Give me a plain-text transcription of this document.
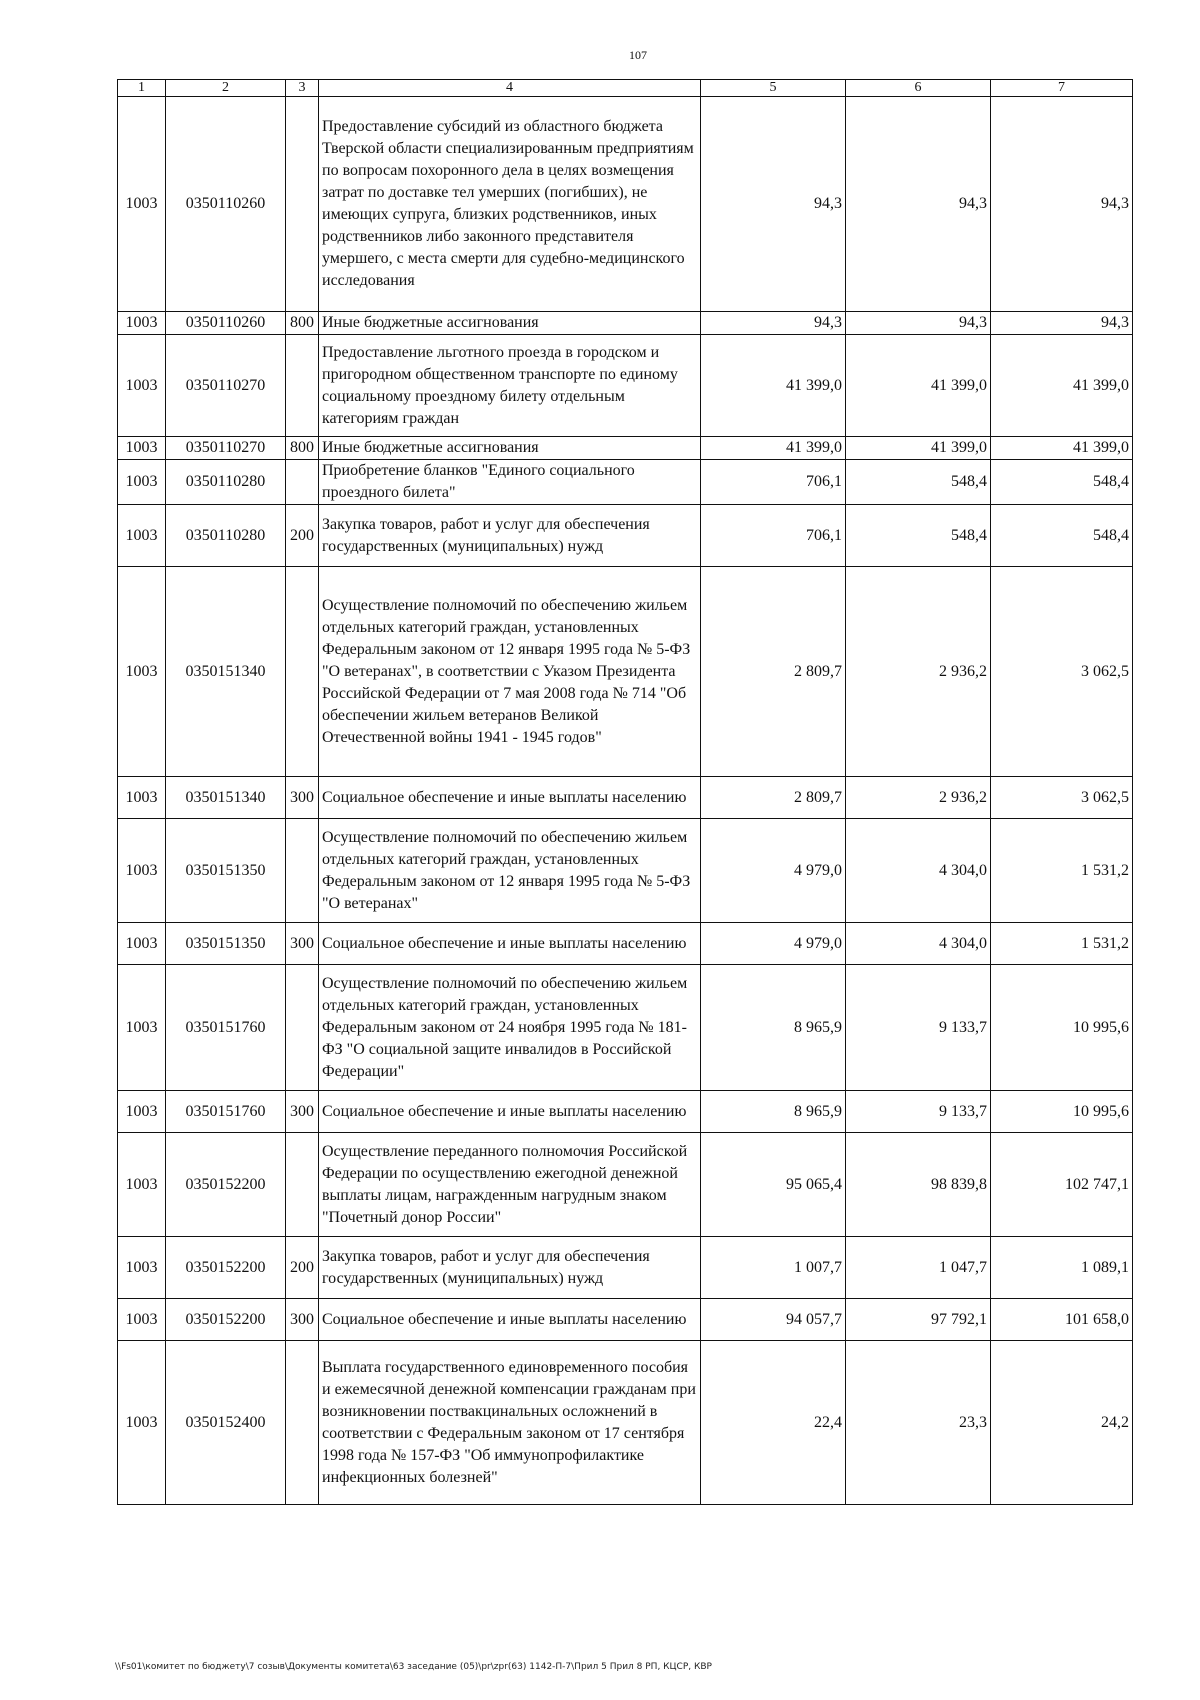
107
1	2	3	4	5	6	7
1003	0350110260		Предоставление субсидий из областного бюджета Тверской области специализированным предприятиям по вопросам похоронного дела в целях возмещения затрат по доставке тел умерших (погибших), не имеющих супруга, близких родственников, иных родственников либо законного представителя умершего, с места смерти для судебно-медицинского исследования	94,3	94,3	94,3
1003	0350110260	800	Иные бюджетные ассигнования	94,3	94,3	94,3
1003	0350110270		Предоставление льготного проезда в городском и пригородном общественном транспорте по единому социальному проездному билету отдельным категориям граждан	41 399,0	41 399,0	41 399,0
1003	0350110270	800	Иные бюджетные ассигнования	41 399,0	41 399,0	41 399,0
1003	0350110280		Приобретение бланков "Единого социального проездного билета"	706,1	548,4	548,4
1003	0350110280	200	Закупка товаров, работ и услуг для обеспечения государственных (муниципальных) нужд	706,1	548,4	548,4
1003	0350151340		Осуществление полномочий по обеспечению жильем отдельных категорий граждан, установленных Федеральным законом от 12 января 1995 года № 5-ФЗ "О ветеранах", в соответствии с Указом Президента Российской Федерации от 7 мая 2008 года № 714 "Об обеспечении жильем ветеранов Великой Отечественной войны 1941 - 1945 годов"	2 809,7	2 936,2	3 062,5
1003	0350151340	300	Социальное обеспечение и иные выплаты населению	2 809,7	2 936,2	3 062,5
1003	0350151350		Осуществление полномочий по обеспечению жильем отдельных категорий граждан, установленных Федеральным законом от 12 января 1995 года № 5-ФЗ "О ветеранах"	4 979,0	4 304,0	1 531,2
1003	0350151350	300	Социальное обеспечение и иные выплаты населению	4 979,0	4 304,0	1 531,2
1003	0350151760		Осуществление полномочий по обеспечению жильем отдельных категорий граждан, установленных Федеральным законом от 24 ноября 1995 года № 181-ФЗ "О социальной защите инвалидов в Российской Федерации"	8 965,9	9 133,7	10 995,6
1003	0350151760	300	Социальное обеспечение и иные выплаты населению	8 965,9	9 133,7	10 995,6
1003	0350152200		Осуществление переданного полномочия Российской Федерации по осуществлению ежегодной денежной выплаты лицам, награжденным нагрудным знаком "Почетный донор России"	95 065,4	98 839,8	102 747,1
1003	0350152200	200	Закупка товаров, работ и услуг для обеспечения государственных (муниципальных) нужд	1 007,7	1 047,7	1 089,1
1003	0350152200	300	Социальное обеспечение и иные выплаты населению	94 057,7	97 792,1	101 658,0
1003	0350152400		Выплата государственного единовременного пособия и ежемесячной денежной компенсации гражданам при возникновении поствакцинальных осложнений в соответствии с Федеральным законом от 17 сентября 1998 года № 157-ФЗ "Об иммунопрофилактике инфекционных болезней"	22,4	23,3	24,2
\\Fs01\комитет по бюджету\7 созыв\Документы комитета\63 заседание (05)\pr\zpr(63) 1142-П-7\Прил 5 Прил 8 РП, КЦСР, КВР
